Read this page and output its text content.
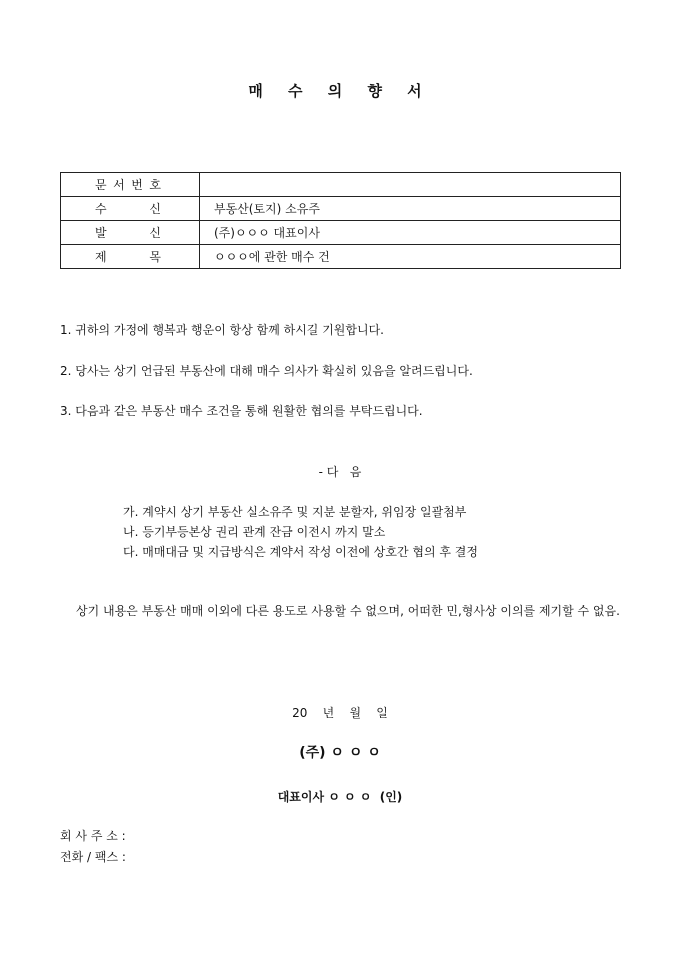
매 수 의 향 서
문 서 번 호	

수 신	부동산(토지) 소유주

발 신	(주)ㅇㅇㅇ 대표이사

제 목	ㅇㅇㅇ에 관한 매수 건
1. 귀하의 가정에 행복과 행운이 항상 함께 하시길 기원합니다.
2. 당사는 상기 언급된 부동산에 대해 매수 의사가 확실히 있음을 알려드립니다.
3. 다음과 같은 부동산 매수 조건을 통해 원활한 협의를 부탁드립니다.
- 다   음
가. 계약시 상기 부동산 실소유주 및 지분 분할자, 위임장 일괄첨부
나. 등기부등본상 권리 관계 잔금 이전시 까지 말소
다. 매매대금 및 지급방식은 계약서 작성 이전에 상호간 협의 후 결정
상기 내용은 부동산 매매 이외에 다른 용도로 사용할 수 없으며, 어떠한 민,형사상 이의를 제기할 수 없음.
20    년    월    일
(주) ㅇ ㅇ ㅇ
대표이사 ㅇ ㅇ ㅇ  (인)
회 사 주 소 :
전화 / 팩스 :
